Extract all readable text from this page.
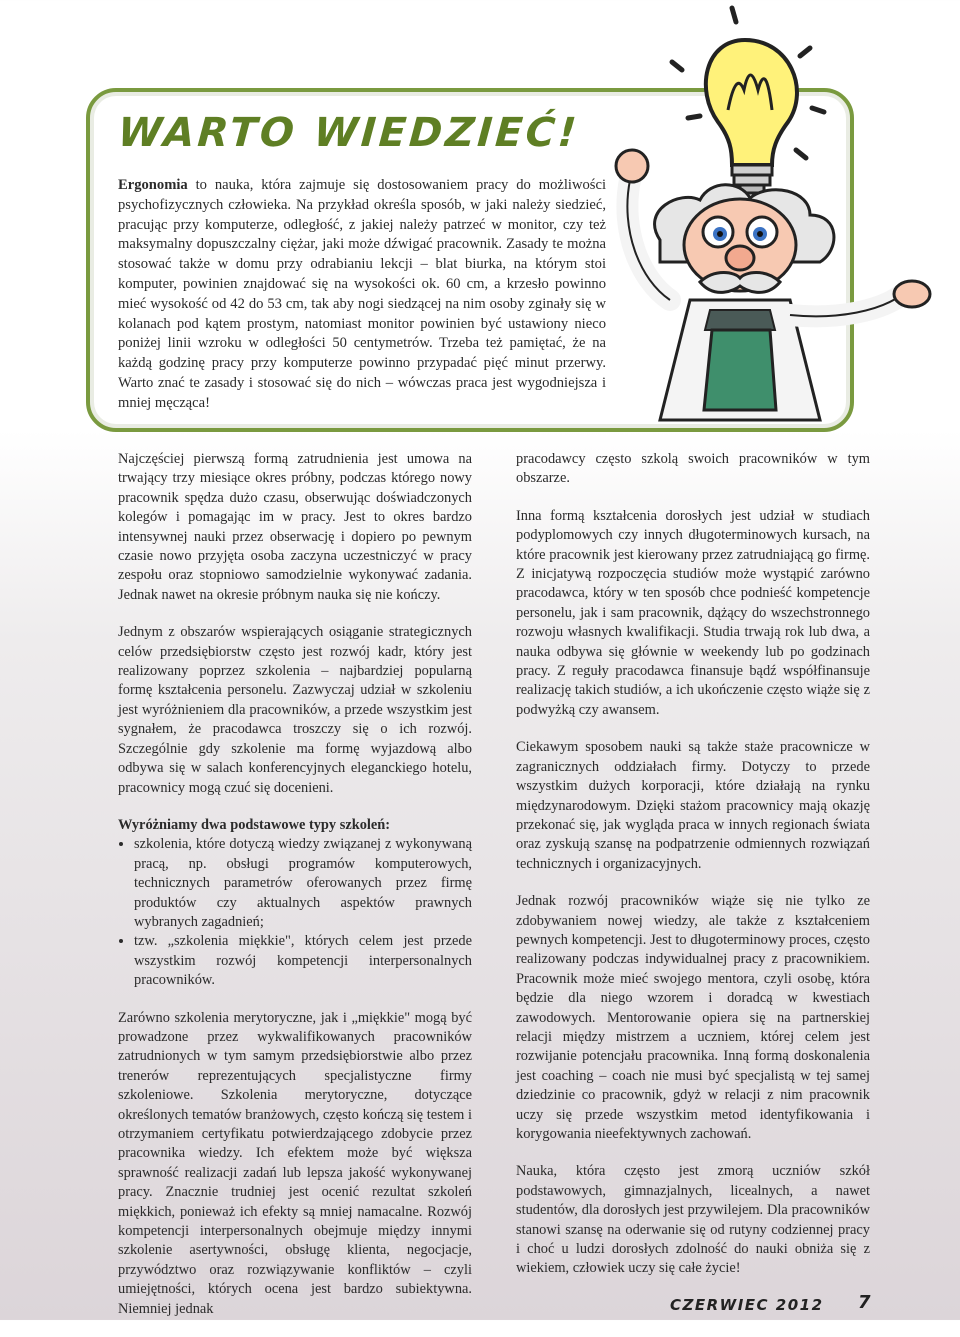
WARTO WIEDZIEĆ!

Ergonomia to nauka, która zajmuje się dostosowaniem pracy do możliwości psychofizycznych człowieka. Na przykład określa sposób, w jaki należy siedzieć, pracując przy komputerze, odległość, z jakiej należy patrzeć w monitor, czy też maksymalny dopuszczalny ciężar, jaki może dźwigać pracownik. Zasady te można stosować także w domu przy odrabianiu lekcji – blat biurka, na którym stoi komputer, powinien znajdować się na wysokości ok. 60 cm, a krzesło powinno mieć wysokość od 42 do 53 cm, tak aby nogi siedzącej na nim osoby zginały się w kolanach pod kątem prostym, natomiast monitor powinien być ustawiony nieco poniżej linii wzroku w odległości 50 centymetrów. Trzeba też pamiętać, że na każdą godzinę pracy przy komputerze powinno przypadać pięć minut przerwy. Warto znać te zasady i stosować się do nich – wówczas praca jest wygodniejsza i mniej męcząca!

Najczęściej pierwszą formą zatrudnienia jest umowa na trwający trzy miesiące okres próbny, podczas którego nowy pracownik spędza dużo czasu, obserwując doświadczonych kolegów i pomagając im w pracy. Jest to okres bardzo intensywnej nauki przez obserwację i dopiero po pewnym czasie nowo przyjęta osoba zaczyna uczestniczyć w pracy zespołu oraz stopniowo samodzielnie wykonywać zadania. Jednak nawet na okresie próbnym nauka się nie kończy.

Jednym z obszarów wspierających osiąganie strategicznych celów przedsiębiorstw często jest rozwój kadr, który jest realizowany poprzez szkolenia – najbardziej popularną formę kształcenia personelu. Zazwyczaj udział w szkoleniu jest wyróżnieniem dla pracowników, a przede wszystkim jest sygnałem, że pracodawca troszczy się o ich rozwój. Szczególnie gdy szkolenie ma formę wyjazdową albo odbywa się w salach konferencyjnych eleganckiego hotelu, pracownicy mogą czuć się docenieni.

Wyróżniamy dwa podstawowe typy szkoleń:
• szkolenia, które dotyczą wiedzy związanej z wykonywaną pracą, np. obsługi programów komputerowych, technicznych parametrów oferowanych przez firmę produktów czy aktualnych aspektów prawnych wybranych zagadnień;
• tzw. „szkolenia miękkie", których celem jest przede wszystkim rozwój kompetencji interpersonalnych pracowników.

Zarówno szkolenia merytoryczne, jak i „miękkie" mogą być prowadzone przez wykwalifikowanych pracowników zatrudnionych w tym samym przedsiębiorstwie albo przez trenerów reprezentujących specjalistyczne firmy szkoleniowe. Szkolenia merytoryczne, dotyczące określonych tematów branżowych, często kończą się testem i otrzymaniem certyfikatu potwierdzającego zdobycie przez pracownika wiedzy. Ich efektem może być większa sprawność realizacji zadań lub lepsza jakość wykonywanej pracy. Znacznie trudniej jest ocenić rezultat szkoleń miękkich, ponieważ ich efekty są mniej namacalne. Rozwój kompetencji interpersonalnych obejmuje między innymi szkolenie asertywności, obsługę klienta, negocjacje, przywództwo oraz rozwiązywanie konfliktów – czyli umiejętności, których ocena jest bardzo subiektywna. Niemniej jednak

pracodawcy często szkolą swoich pracowników w tym obszarze.

Inna formą kształcenia dorosłych jest udział w studiach podyplomowych czy innych długoterminowych kursach, na które pracownik jest kierowany przez zatrudniającą go firmę. Z inicjatywą rozpoczęcia studiów może wystąpić zarówno pracodawca, który w ten sposób chce podnieść kompetencje personelu, jak i sam pracownik, dążący do wszechstronnego rozwoju własnych kwalifikacji. Studia trwają rok lub dwa, a nauka odbywa się głównie w weekendy lub po godzinach pracy. Z reguły pracodawca finansuje bądź współfinansuje realizację takich studiów, a ich ukończenie często wiąże się z podwyżką czy awansem.

Ciekawym sposobem nauki są także staże pracownicze w zagranicznych oddziałach firmy. Dotyczy to przede wszystkim dużych korporacji, które działają na rynku międzynarodowym. Dzięki stażom pracownicy mają okazję przekonać się, jak wygląda praca w innych regionach świata oraz zyskują szansę na podpatrzenie odmiennych rozwiązań technicznych i organizacyjnych.

Jednak rozwój pracowników wiąże się nie tylko ze zdobywaniem nowej wiedzy, ale także z kształceniem pewnych kompetencji. Jest to długoterminowy proces, często realizowany podczas indywidualnej pracy z pracownikiem. Pracownik może mieć swojego mentora, czyli osobę, która będzie dla niego wzorem i doradcą w kwestiach zawodowych. Mentorowanie opiera się na partnerskiej relacji między mistrzem a uczniem, której celem jest rozwijanie potencjału pracownika. Inną formą doskonalenia jest coaching – coach nie musi być specjalistą w tej samej dziedzinie co pracownik, gdyż w relacji z nim pracownik uczy się przede wszystkim metod identyfikowania i korygowania nieefektywnych zachowań.

Nauka, która często jest zmorą uczniów szkół podstawowych, gimnazjalnych, licealnych, a nawet studentów, dla dorosłych jest przywilejem. Dla pracowników stanowi szansę na oderwanie się od rutyny codziennej pracy i choć u ludzi dorosłych zdolność do nauki obniża się z wiekiem, człowiek uczy się całe życie!

CZERWIEC 2012 7
